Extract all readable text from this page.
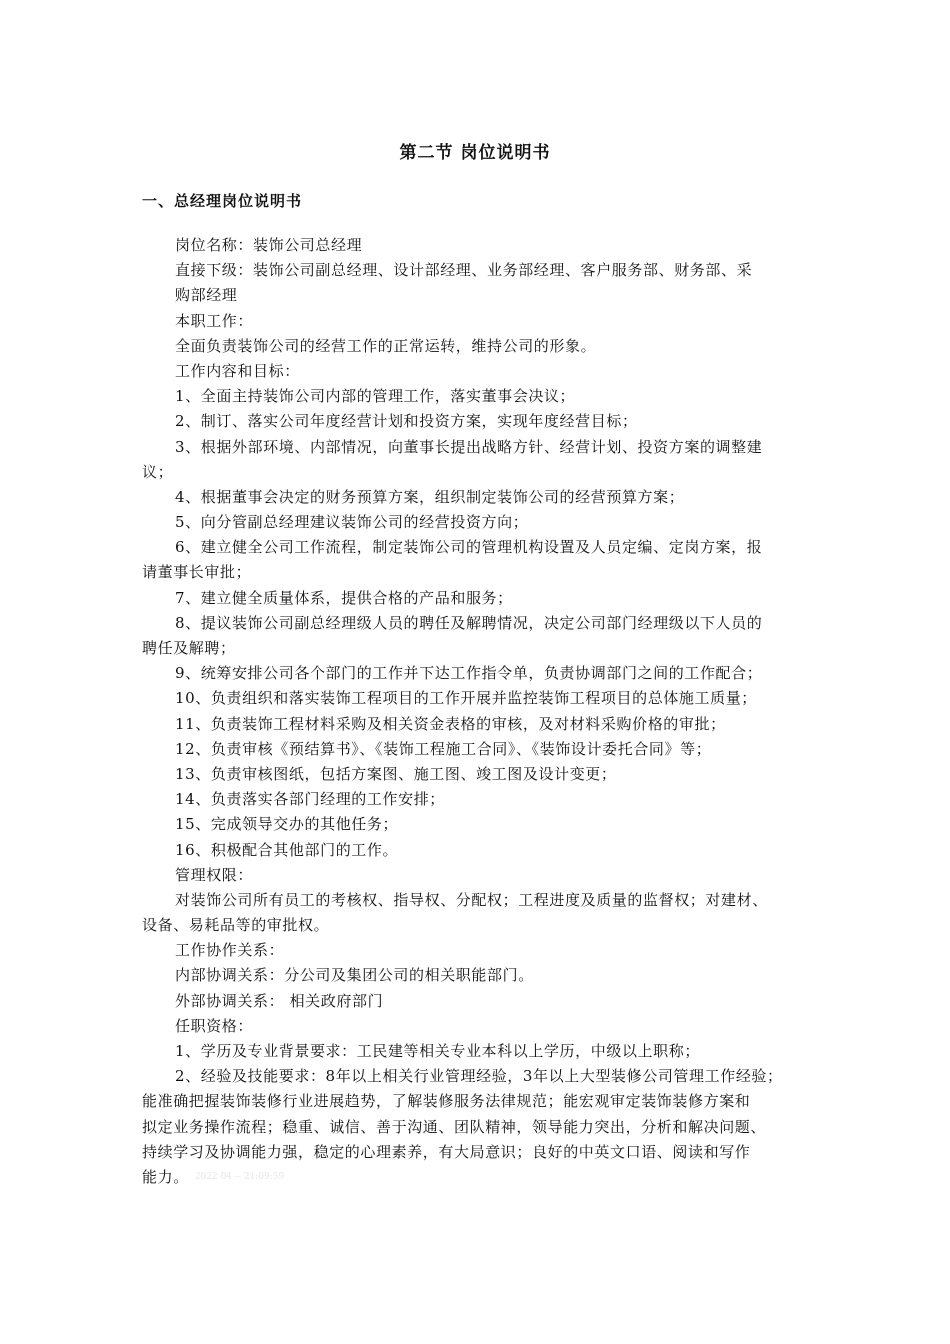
第二节 岗位说明书
一、总经理岗位说明书
岗位名称：装饰公司总经理
直接下级：装饰公司副总经理、设计部经理、业务部经理、客户服务部、财务部、采
购部经理
本职工作：
全面负责装饰公司的经营工作的正常运转，维持公司的形象。
工作内容和目标：
1、全面主持装饰公司内部的管理工作，落实董事会决议；
2、制订、落实公司年度经营计划和投资方案，实现年度经营目标；
3、根据外部环境、内部情况，向董事长提出战略方针、经营计划、投资方案的调整建
议；
4、根据董事会决定的财务预算方案，组织制定装饰公司的经营预算方案；
5、向分管副总经理建议装饰公司的经营投资方向；
6、建立健全公司工作流程，制定装饰公司的管理机构设置及人员定编、定岗方案，报
请董事长审批；
7、建立健全质量体系，提供合格的产品和服务；
8、提议装饰公司副总经理级人员的聘任及解聘情况，决定公司部门经理级以下人员的
聘任及解聘；
9、统筹安排公司各个部门的工作并下达工作指令单，负责协调部门之间的工作配合；
10、负责组织和落实装饰工程项目的工作开展并监控装饰工程项目的总体施工质量；
11、负责装饰工程材料采购及相关资金表格的审核，及对材料采购价格的审批；
12、负责审核《预结算书》、《装饰工程施工合同》、《装饰设计委托合同》等；
13、负责审核图纸，包括方案图、施工图、竣工图及设计变更；
14、负责落实各部门经理的工作安排；
15、完成领导交办的其他任务；
16、积极配合其他部门的工作。
管理权限：
对装饰公司所有员工的考核权、指导权、分配权；工程进度及质量的监督权；对建材、
设备、易耗品等的审批权。
工作协作关系：
内部协调关系：分公司及集团公司的相关职能部门。
外部协调关系： 相关政府部门
任职资格：
1、学历及专业背景要求：工民建等相关专业本科以上学历，中级以上职称；
2、经验及技能要求：8年以上相关行业管理经验，3年以上大型装修公司管理工作经验；
能准确把握装饰装修行业进展趋势，了解装修服务法律规范；能宏观审定装饰装修方案和
拟定业务操作流程；稳重、诚信、善于沟通、团队精神，领导能力突出，分析和解决问题、
持续学习及协调能力强，稳定的心理素养，有大局意识；良好的中英文口语、阅读和写作
能力。 2022 04 -- 21:09:59
